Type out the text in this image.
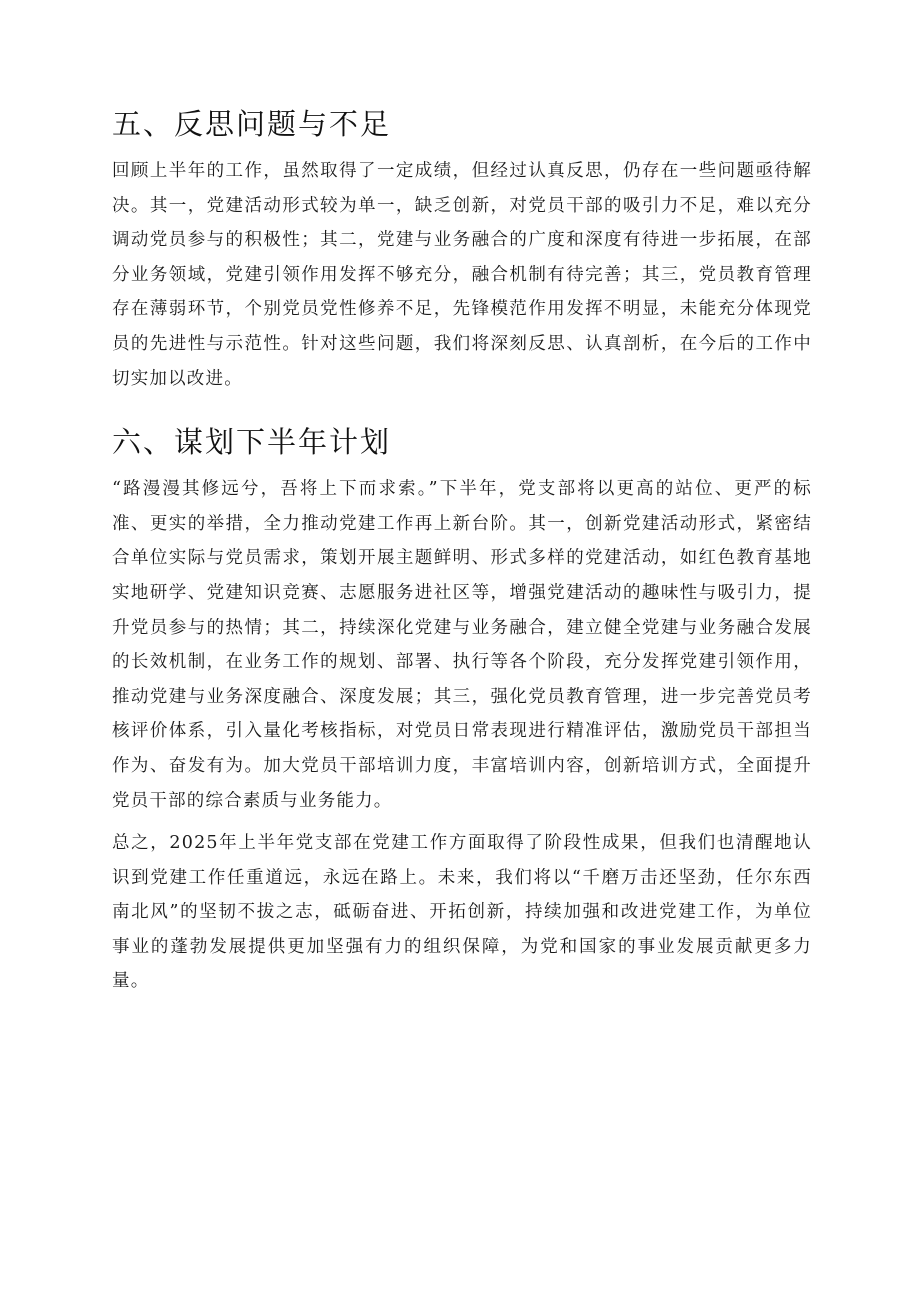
五、反思问题与不足

回顾上半年的工作，虽然取得了一定成绩，但经过认真反思，仍存在一些问题亟待解决。其一，党建活动形式较为单一，缺乏创新，对党员干部的吸引力不足，难以充分调动党员参与的积极性；其二，党建与业务融合的广度和深度有待进一步拓展，在部分业务领域，党建引领作用发挥不够充分，融合机制有待完善；其三，党员教育管理存在薄弱环节，个别党员党性修养不足，先锋模范作用发挥不明显，未能充分体现党员的先进性与示范性。针对这些问题，我们将深刻反思、认真剖析，在今后的工作中切实加以改进。

六、谋划下半年计划

“路漫漫其修远兮，吾将上下而求索。”下半年，党支部将以更高的站位、更严的标准、更实的举措，全力推动党建工作再上新台阶。其一，创新党建活动形式，紧密结合单位实际与党员需求，策划开展主题鲜明、形式多样的党建活动，如红色教育基地实地研学、党建知识竞赛、志愿服务进社区等，增强党建活动的趣味性与吸引力，提升党员参与的热情；其二，持续深化党建与业务融合，建立健全党建与业务融合发展的长效机制，在业务工作的规划、部署、执行等各个阶段，充分发挥党建引领作用，推动党建与业务深度融合、深度发展；其三，强化党员教育管理，进一步完善党员考核评价体系，引入量化考核指标，对党员日常表现进行精准评估，激励党员干部担当作为、奋发有为。加大党员干部培训力度，丰富培训内容，创新培训方式，全面提升党员干部的综合素质与业务能力。

总之，2025年上半年党支部在党建工作方面取得了阶段性成果，但我们也清醒地认识到党建工作任重道远，永远在路上。未来，我们将以“千磨万击还坚劲，任尔东西南北风”的坚韧不拔之志，砥砺奋进、开拓创新，持续加强和改进党建工作，为单位事业的蓬勃发展提供更加坚强有力的组织保障，为党和国家的事业发展贡献更多力量。
